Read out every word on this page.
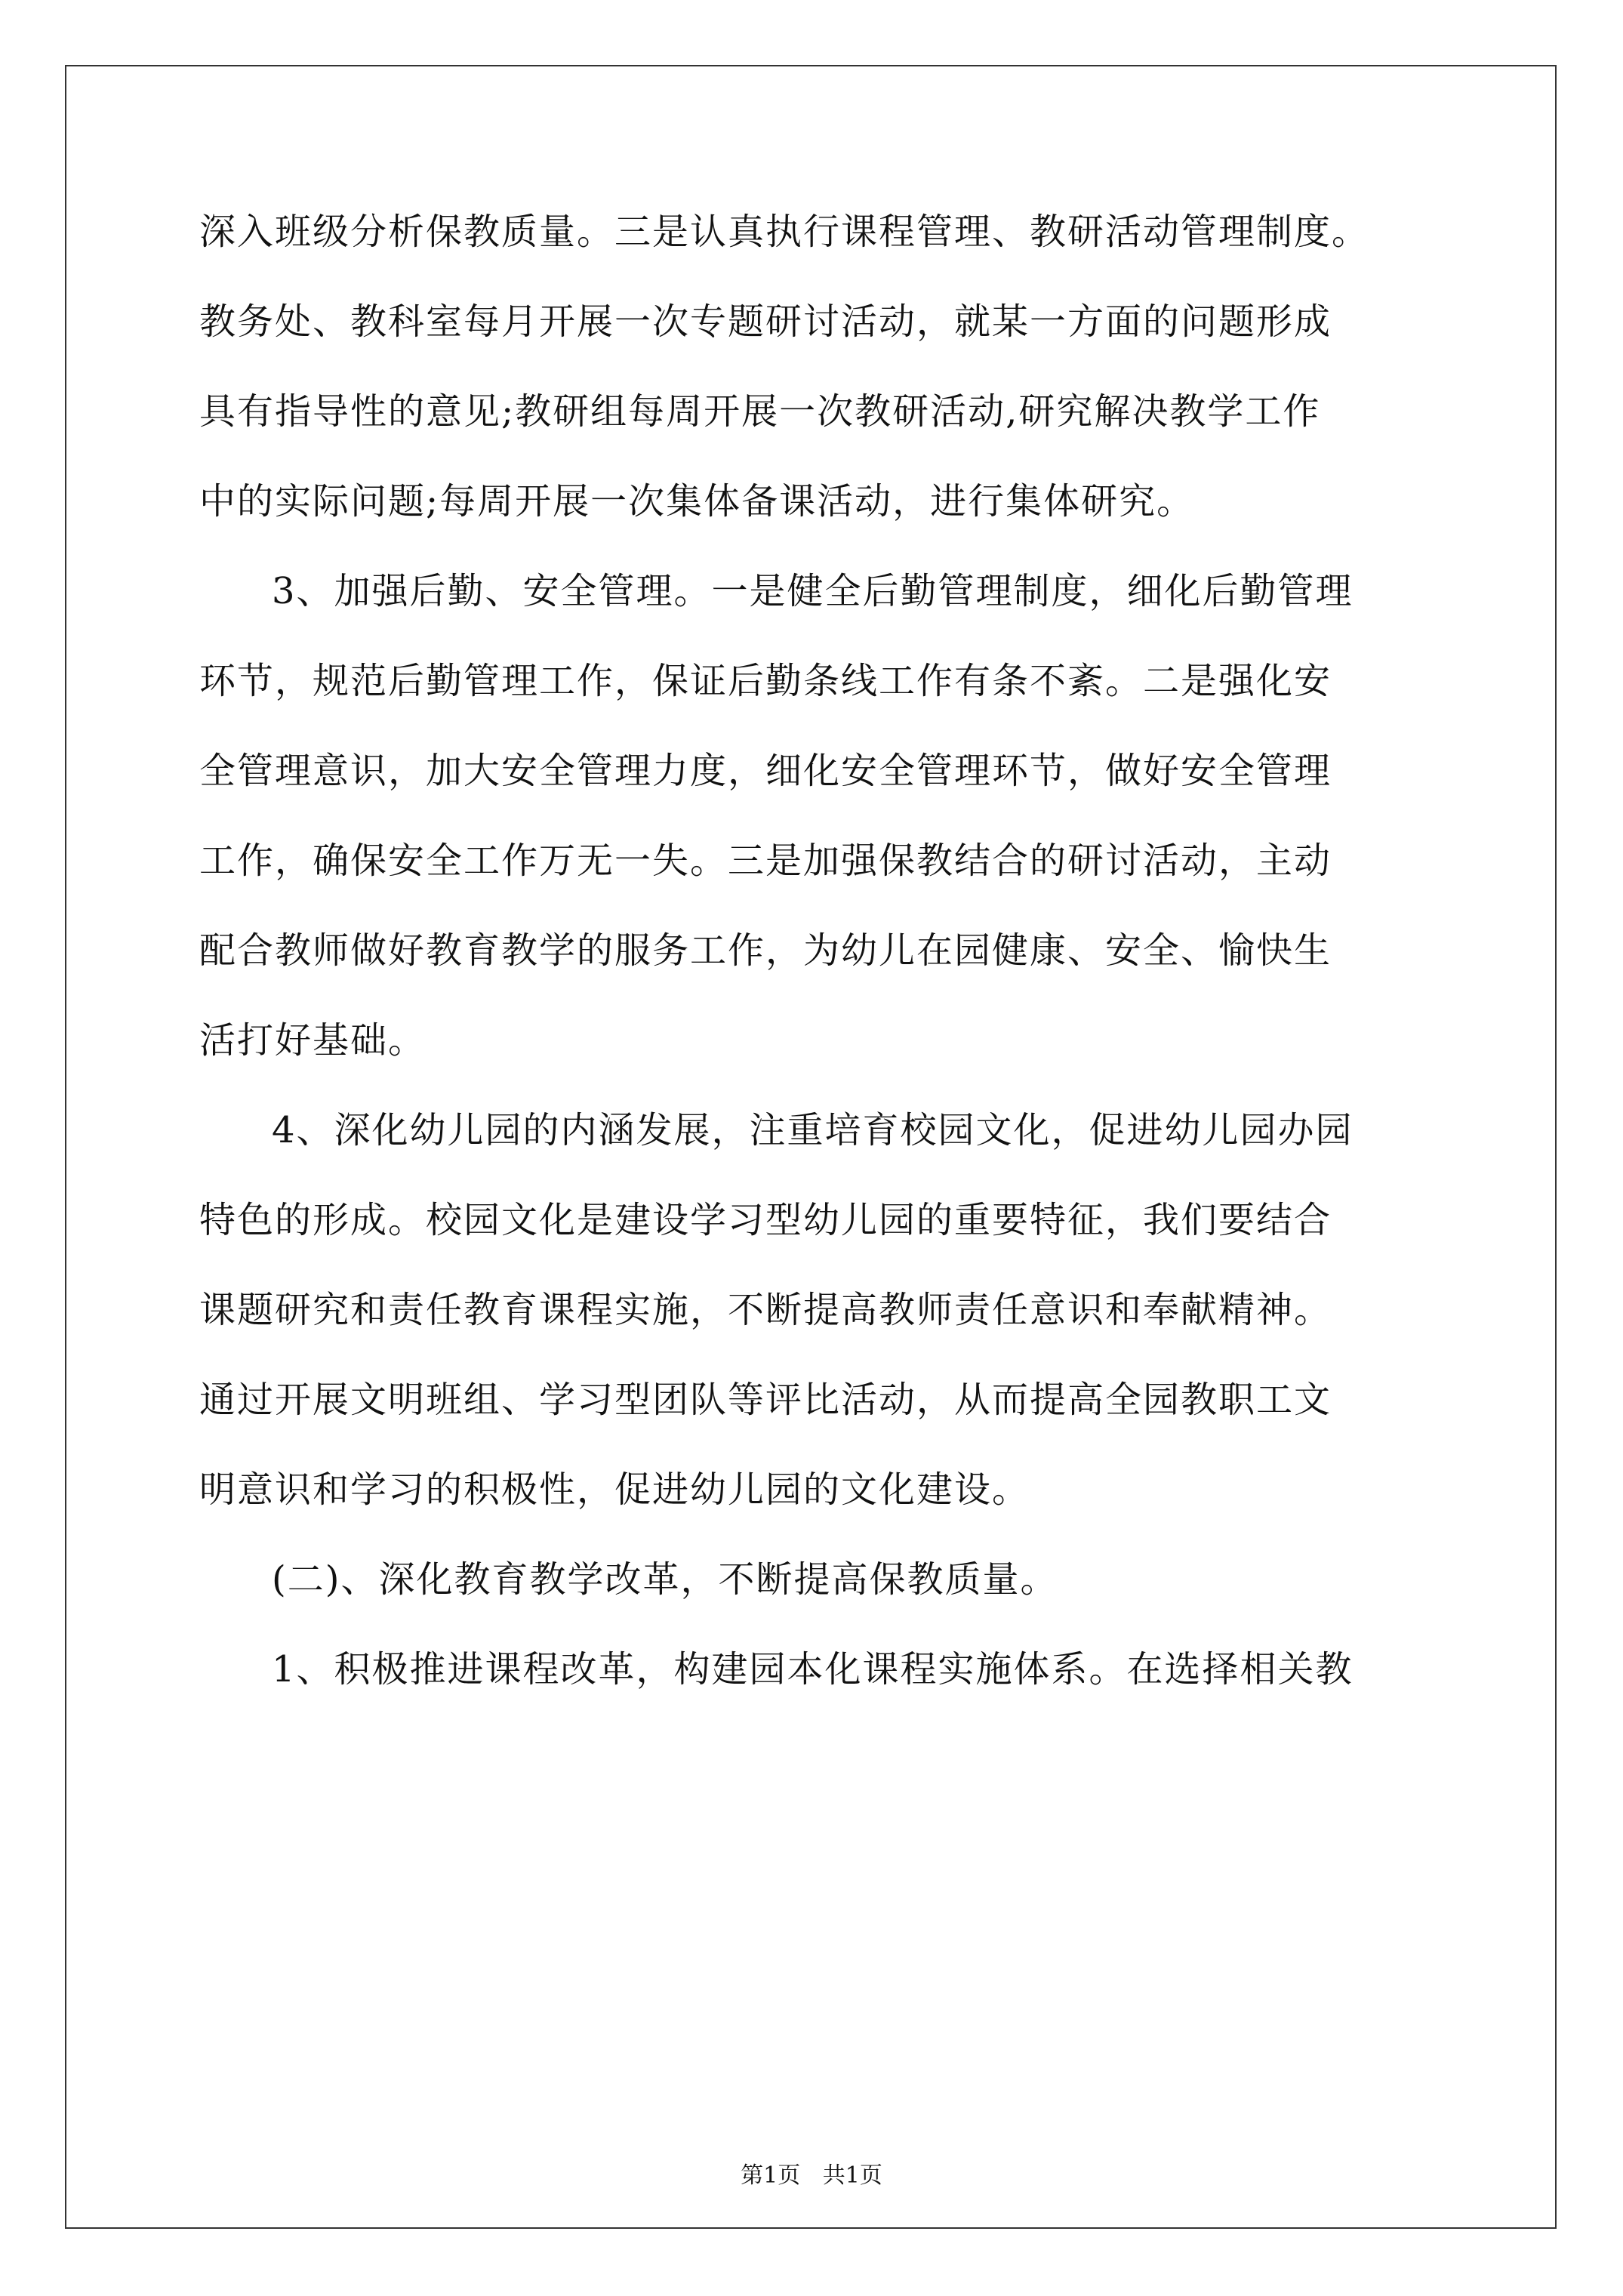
深入班级分析保教质量。三是认真执行课程管理、教研活动管理制度。
教务处、教科室每月开展一次专题研讨活动，就某一方面的问题形成
具有指导性的意见;教研组每周开展一次教研活动,研究解决教学工作
中的实际问题;每周开展一次集体备课活动，进行集体研究。
3、加强后勤、安全管理。一是健全后勤管理制度，细化后勤管理
环节，规范后勤管理工作，保证后勤条线工作有条不紊。二是强化安
全管理意识，加大安全管理力度，细化安全管理环节，做好安全管理
工作，确保安全工作万无一失。三是加强保教结合的研讨活动，主动
配合教师做好教育教学的服务工作，为幼儿在园健康、安全、愉快生
活打好基础。
4、深化幼儿园的内涵发展，注重培育校园文化，促进幼儿园办园
特色的形成。校园文化是建设学习型幼儿园的重要特征，我们要结合
课题研究和责任教育课程实施，不断提高教师责任意识和奉献精神。
通过开展文明班组、学习型团队等评比活动，从而提高全园教职工文
明意识和学习的积极性，促进幼儿园的文化建设。
(二)、深化教育教学改革，不断提高保教质量。
1、积极推进课程改革，构建园本化课程实施体系。在选择相关教
第1页 共1页
